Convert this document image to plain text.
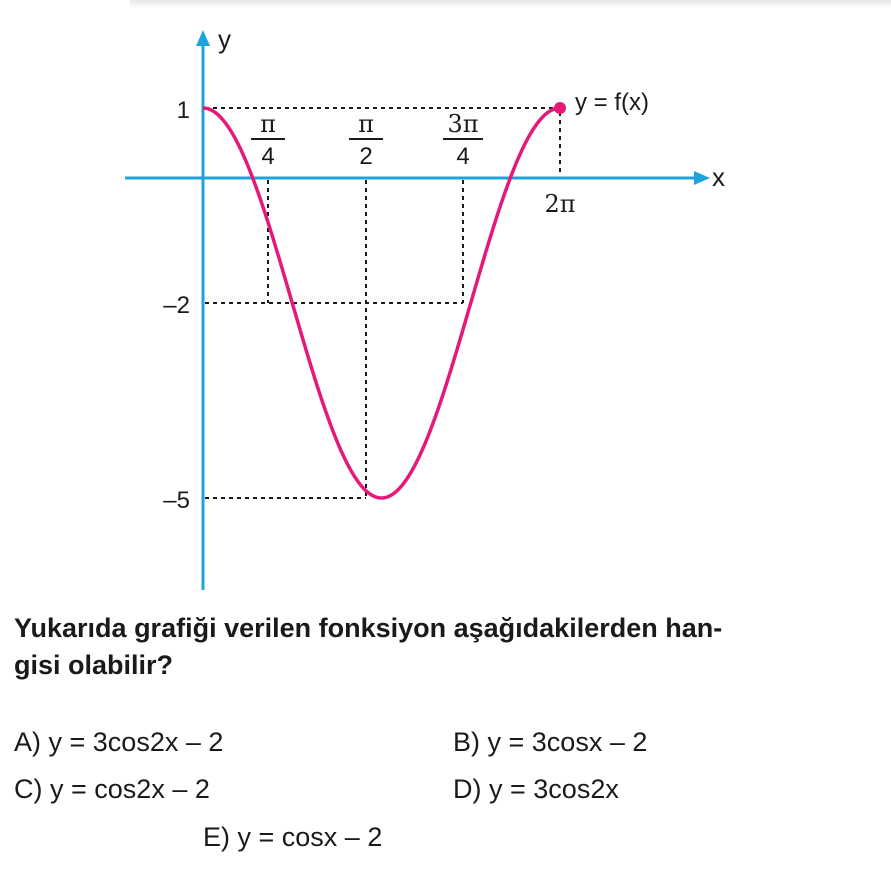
y
x
y = f(x)
1
–2
–5
π
4
π
2
3π
4
2π
Yukarıda grafiği verilen fonksiyon aşağıdakilerden han-
gisi olabilir?
A) y = 3cos2x – 2	B) y = 3cosx – 2
C) y = cos2x – 2	D) y = 3cos2x
E) y = cosx – 2
